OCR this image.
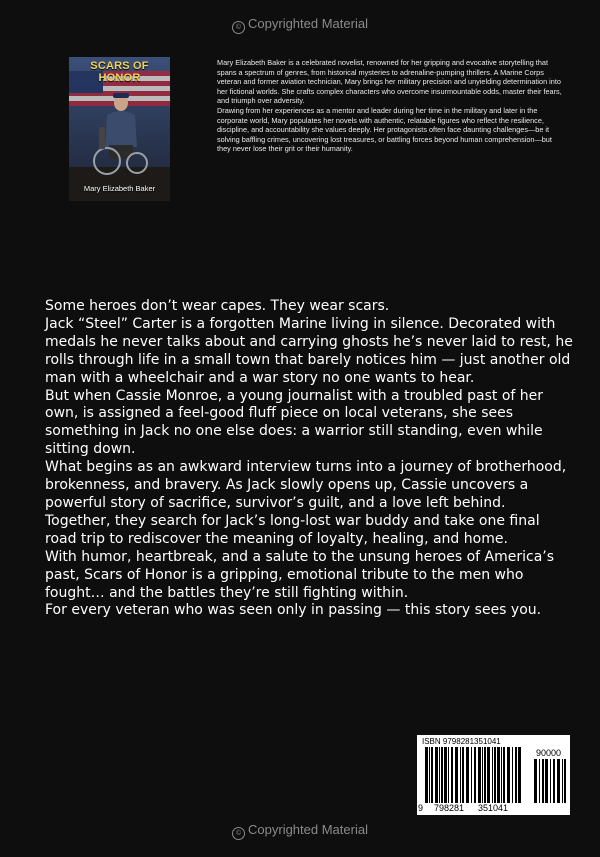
© Copyrighted Material
SCARS OF HONOR
Mary Elizabeth Baker

Mary Elizabeth Baker is a celebrated novelist, renowned for her gripping and evocative storytelling that spans a spectrum of genres, from historical mysteries to adrenaline-pumping thrillers. A Marine Corps veteran and former aviation technician, Mary brings her military precision and unyielding determination into her fictional worlds. She crafts complex characters who overcome insurmountable odds, master their fears, and triumph over adversity.

Drawing from her experiences as a mentor and leader during her time in the military and later in the corporate world, Mary populates her novels with authentic, relatable figures who reflect the resilience, discipline, and accountability she values deeply. Her protagonists often face daunting challenges—be it solving baffling crimes, uncovering lost treasures, or battling forces beyond human comprehension—but they never lose their grit or their humanity.

Some heroes don’t wear capes. They wear scars.

Jack “Steel” Carter is a forgotten Marine living in silence. Decorated with medals he never talks about and carrying ghosts he’s never laid to rest, he rolls through life in a small town that barely notices him — just another old man with a wheelchair and a war story no one wants to hear.

But when Cassie Monroe, a young journalist with a troubled past of her own, is assigned a feel-good fluff piece on local veterans, she sees something in Jack no one else does: a warrior still standing, even while sitting down.

What begins as an awkward interview turns into a journey of brotherhood, brokenness, and bravery. As Jack slowly opens up, Cassie uncovers a powerful story of sacrifice, survivor’s guilt, and a love left behind. Together, they search for Jack’s long-lost war buddy and take one final road trip to rediscover the meaning of loyalty, healing, and home.

With humor, heartbreak, and a salute to the unsung heroes of America’s past, Scars of Honor is a gripping, emotional tribute to the men who fought… and the battles they’re still fighting within.

For every veteran who was seen only in passing — this story sees you.

ISBN 9798281351041
90000
9 798281 351041
© Copyrighted Material
